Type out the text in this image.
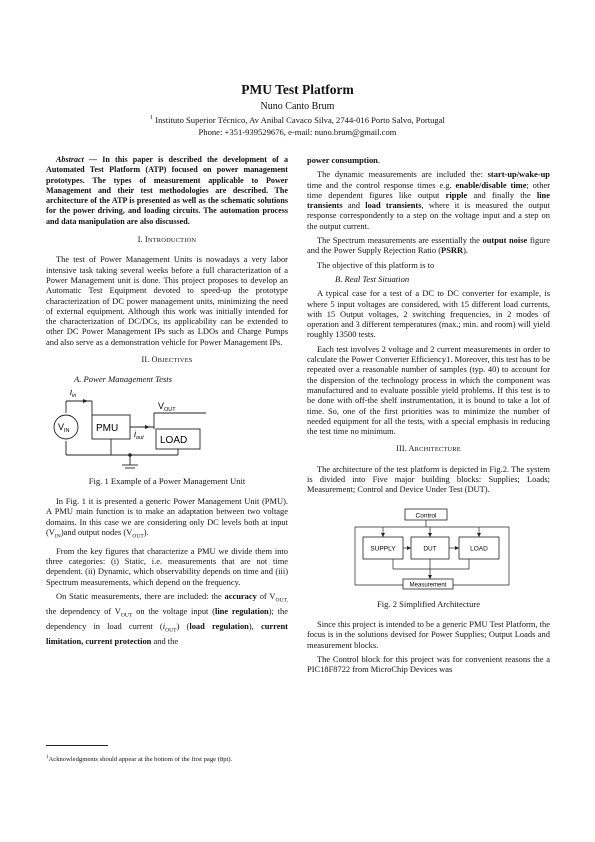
PMU Test Platform
Nuno Canto Brum
$^1$ Instituto Superior Técnico, Av Anibal Cavaco Silva, 2744-016 Porto Salvo, Portugal
Phone: +351-939529676, e-mail: nuno.brum@gmail.com

Abstract — In this paper is described the development of a Automated Test Platform (ATP) focused on power management prototypes. The types of measurement applicable to Power Management and their test methodologies are described. The architecture of the ATP is presented as well as the schematic solutions for the power driving, and loading circuits. The automation process and data manipulation are also discussed.

I. INTRODUCTION

The test of Power Management Units is nowadays a very labor intensive task taking several weeks before a full characterization of a Power Management unit is done. This project proposes to develop an Automatic Test Equipment devoted to speed-up the prototype characterization of DC power management units, minimizing the need of external equipment. Although this work was initially intended for the characterization of DC/DCs, its applicability can be extended to other DC Power Management IPs such as LDOs and Charge Pumps and also serve as a demonstration vehicle for Power Management IPs.

II. OBJECTIVES
A. Power Management Tests
$V_{IN}$
$i_{in}$
PMU $i_{out}$
$V_{OUT}$
LOAD
Fig. 1 Example of a Power Management Unit

In Fig. 1 it is presented a generic Power Management Unit (PMU). A PMU main function is to make an adaptation between two voltage domains. In this case we are considering only DC levels both at input $(V_{IN})and$ output nodes $(V_{OUT})$.

From the key figures that characterize a PMU we divide them into three categories: (i) Static, i.e. measurements that are not time dependent. (ii) Dynamic, which observability depends on time and (iii) Spectrum measurements, which depend on the frequency.

On Static measurements, there are included: the accuracy of $V_{OUT,}$ the dependency of $V_{OUT}$ on the voltage input (line regulation); the dependency in load current $(i_{OUT})$ (load regulation), current limitation, current protection and the

power consumption.

The dynamic measurements are included the: start-up/wake-up time and the control response times e.g. enable/disable time; other time dependent figures like output ripple and finally the line transients and load transients, where it is measured the output response correspondently to a step on the voltage input and a step on the output current.

The Spectrum measurements are essentially the output noise figure and the Power Supply Rejection Ratio (PSRR).

The objective of this platform is to

B. Real Test Situation

A typical case for a test of a DC to DC converter for example, is where 5 input voltages are considered, with 15 different load currents, with 15 Output voltages, 2 switching frequencies, in 2 modes of operation and 3 different temperatures (max.; min. and room) will yield roughly 13500 tests.

Each test involves 2 voltage and 2 current measurements in order to calculate the Power Converter Efficiency1. Moreover, this test has to be repeated over a reasonable number of samples (typ. 40) to account for the dispersion of the technology process in which the component was manufactured and to evaluate possible yield problems. If this test is to be done with off-the shelf instrumentation, it is bound to take a lot of time. So, one of the first priorities was to minimize the number of needed equipment for all the tests, with a special emphasis in reducing the test time no minimum.

III. ARCHITECTURE

The architecture of the test platform is depicted in Fig.2. The system is divided into Five major building blocks: Supplies; Loads; Measurement; Control and Device Under Test (DUT).

Control
SUPPLY	DUT	LOAD
Measurement
Fig. 2 Simplified Architecture

Since this project is intended to be a generic PMU Test Platform, the focus is in the solutions devised for Power Supplies; Output Loads and measurement blocks.

The Control block for this project was for convenient reasons the a PIC18F8722 from MicroChip Devices was

$^1$Acknowledgments should appear at the bottom of the first page (8pt).
